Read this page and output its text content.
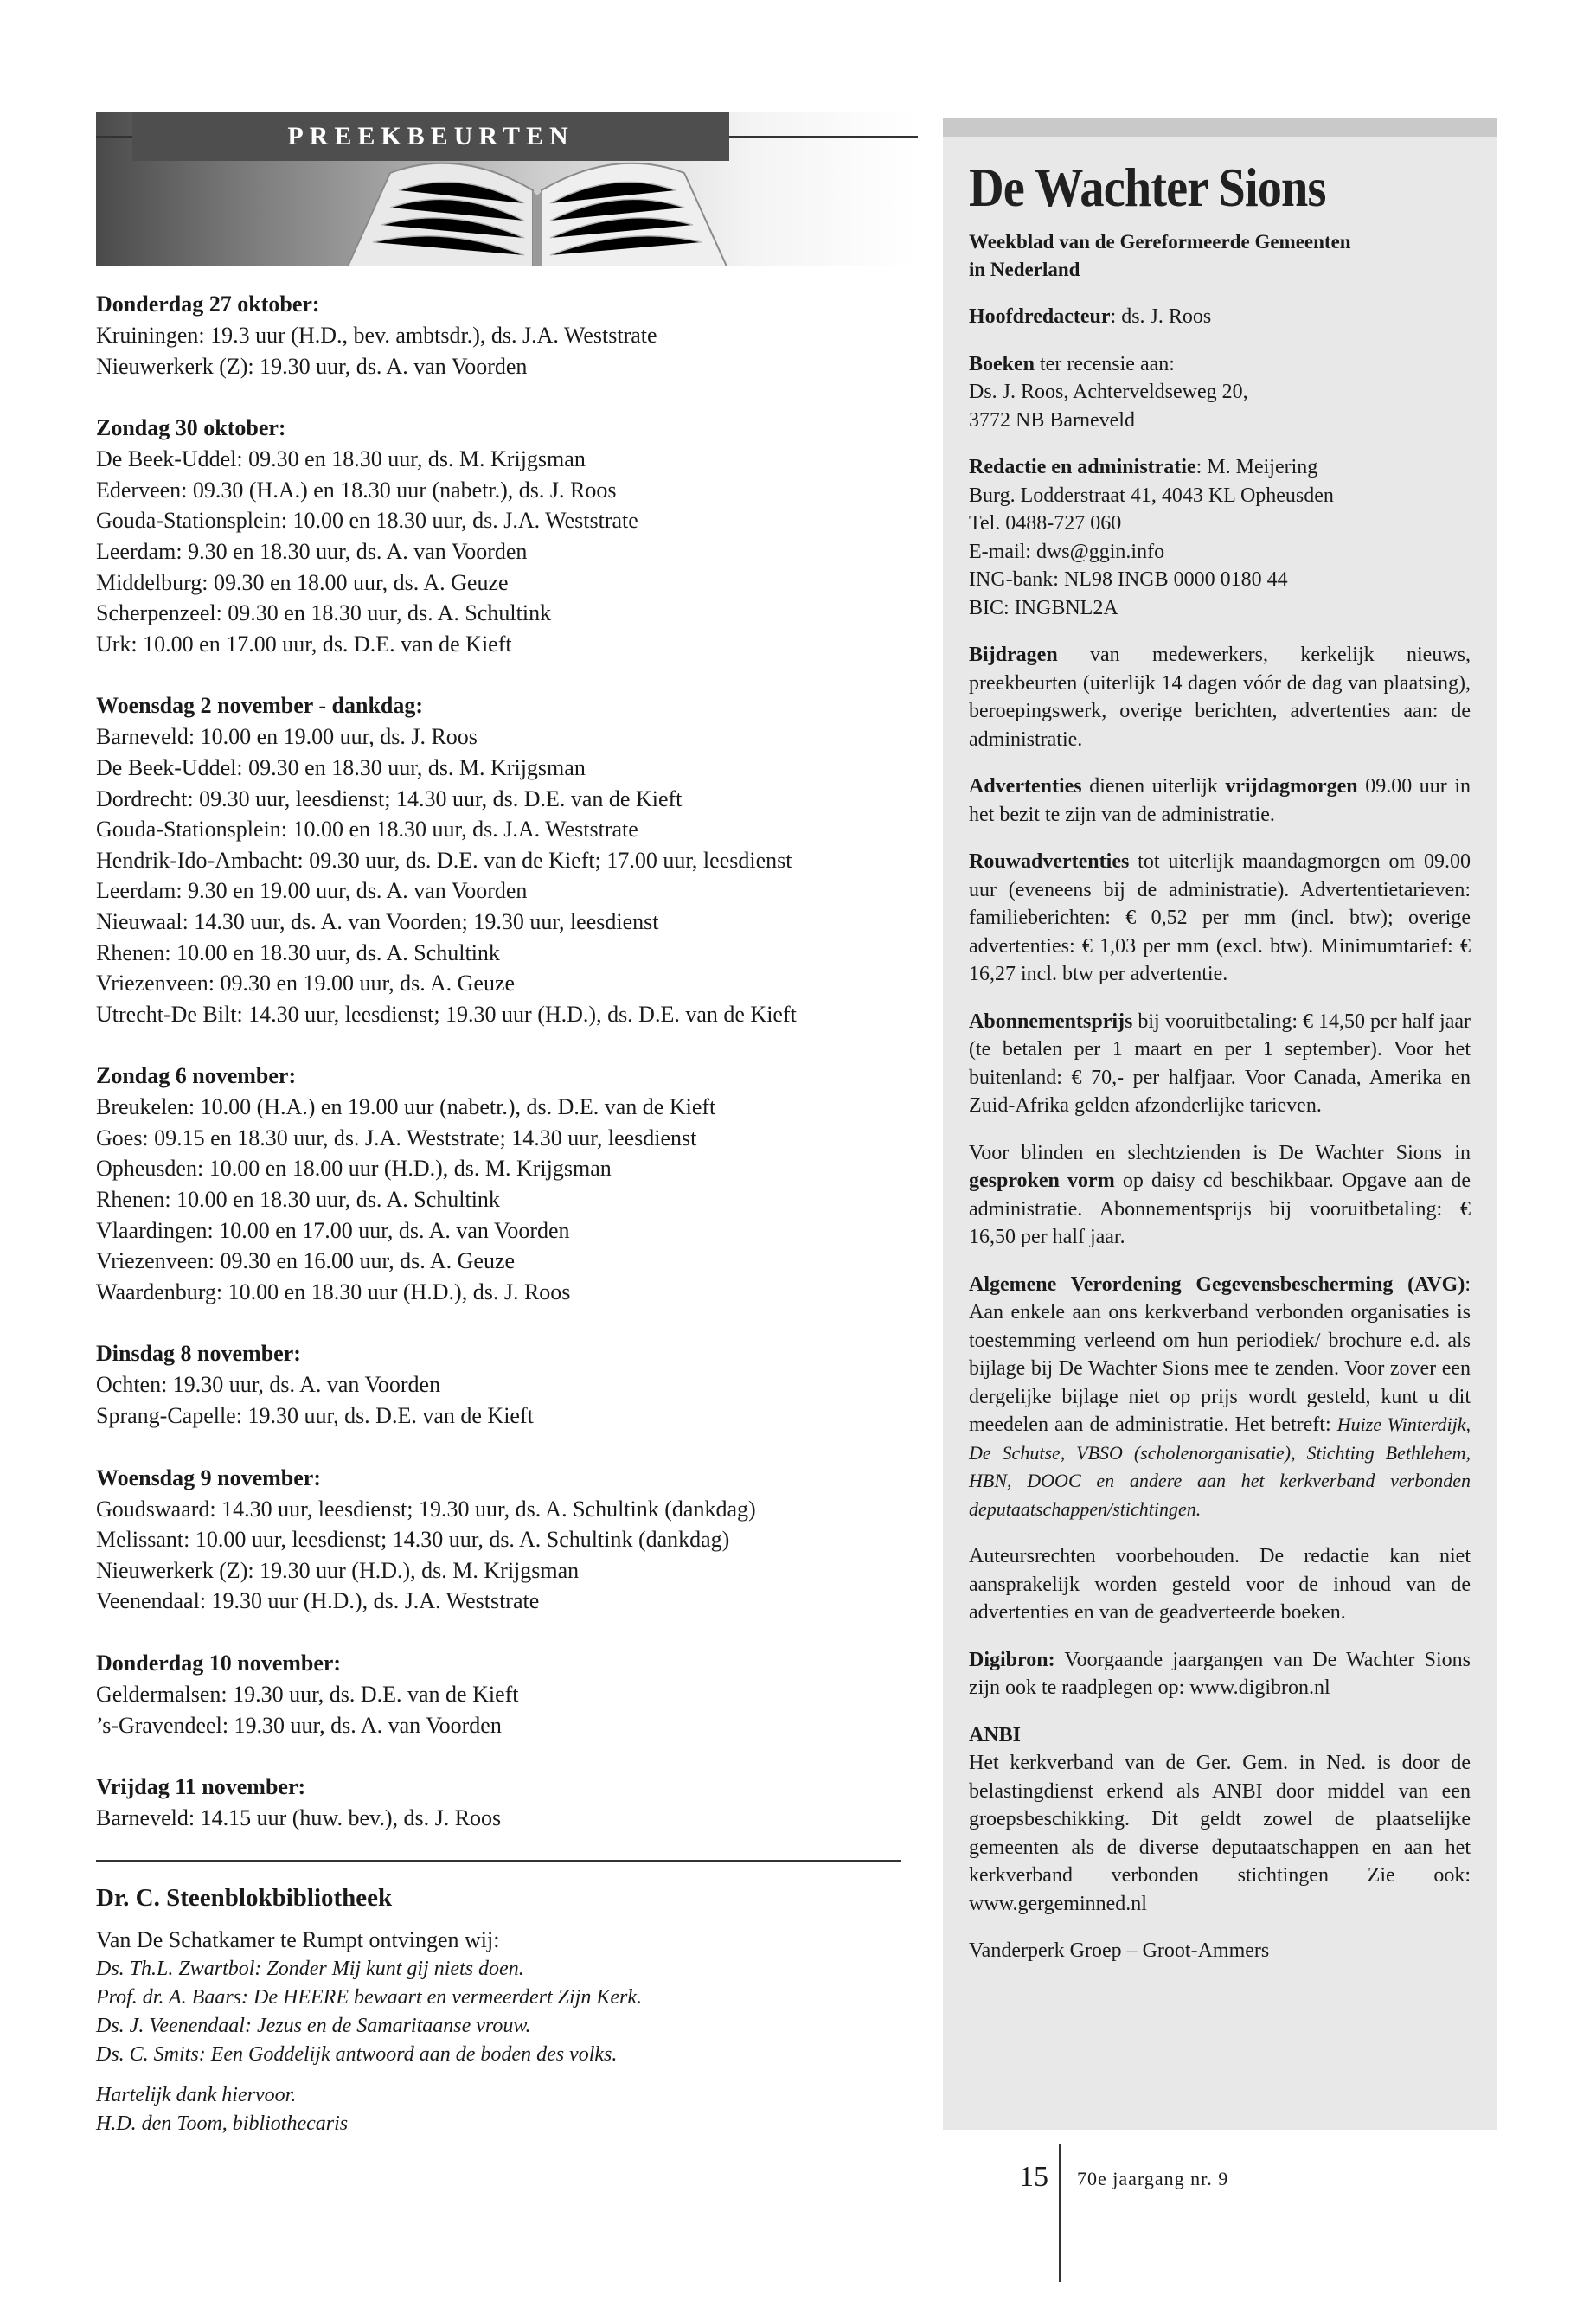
PREEKBEURTEN
Donderdag 27 oktober:
Kruiningen: 19.3 uur (H.D., bev. ambtsdr.), ds. J.A. Weststrate
Nieuwerkerk (Z): 19.30 uur, ds. A. van Voorden
Zondag 30 oktober:
De Beek-Uddel: 09.30 en 18.30 uur, ds. M. Krijgsman
Ederveen: 09.30 (H.A.) en 18.30 uur (nabetr.), ds. J. Roos
Gouda-Stationsplein: 10.00 en 18.30 uur, ds. J.A. Weststrate
Leerdam: 9.30 en 18.30 uur, ds. A. van Voorden
Middelburg: 09.30 en 18.00 uur, ds. A. Geuze
Scherpenzeel: 09.30 en 18.30 uur, ds. A. Schultink
Urk: 10.00 en 17.00 uur, ds. D.E. van de Kieft
Woensdag 2 november - dankdag:
Barneveld: 10.00 en 19.00 uur, ds. J. Roos
De Beek-Uddel: 09.30 en 18.30 uur, ds. M. Krijgsman
Dordrecht: 09.30 uur, leesdienst; 14.30 uur, ds. D.E. van de Kieft
Gouda-Stationsplein: 10.00 en 18.30 uur, ds. J.A. Weststrate
Hendrik-Ido-Ambacht: 09.30 uur, ds. D.E. van de Kieft; 17.00 uur, leesdienst
Leerdam: 9.30 en 19.00 uur, ds. A. van Voorden
Nieuwaal: 14.30 uur, ds. A. van Voorden; 19.30 uur, leesdienst
Rhenen: 10.00 en 18.30 uur, ds. A. Schultink
Vriezenveen: 09.30 en 19.00 uur, ds. A. Geuze
Utrecht-De Bilt: 14.30 uur, leesdienst; 19.30 uur (H.D.), ds. D.E. van de Kieft
Zondag 6 november:
Breukelen: 10.00 (H.A.) en 19.00 uur (nabetr.), ds. D.E. van de Kieft
Goes: 09.15 en 18.30 uur, ds. J.A. Weststrate; 14.30 uur, leesdienst
Opheusden: 10.00 en 18.00 uur (H.D.), ds. M. Krijgsman
Rhenen: 10.00 en 18.30 uur, ds. A. Schultink
Vlaardingen: 10.00 en 17.00 uur, ds. A. van Voorden
Vriezenveen: 09.30 en 16.00 uur, ds. A. Geuze
Waardenburg: 10.00 en 18.30 uur (H.D.), ds. J. Roos
Dinsdag 8 november:
Ochten: 19.30 uur, ds. A. van Voorden
Sprang-Capelle: 19.30 uur, ds. D.E. van de Kieft
Woensdag 9 november:
Goudswaard: 14.30 uur, leesdienst; 19.30 uur, ds. A. Schultink (dankdag)
Melissant: 10.00 uur, leesdienst; 14.30 uur, ds. A. Schultink (dankdag)
Nieuwerkerk (Z): 19.30 uur (H.D.), ds. M. Krijgsman
Veenendaal: 19.30 uur (H.D.), ds. J.A. Weststrate
Donderdag 10 november:
Geldermalsen: 19.30 uur, ds. D.E. van de Kieft
’s-Gravendeel: 19.30 uur, ds. A. van Voorden
Vrijdag 11 november:
Barneveld: 14.15 uur (huw. bev.), ds. J. Roos
Dr. C. Steenblokbibliotheek
Van De Schatkamer te Rumpt ontvingen wij:
Ds. Th.L. Zwartbol: Zonder Mij kunt gij niets doen.
Prof. dr. A. Baars: De HEERE bewaart en vermeerdert Zijn Kerk.
Ds. J. Veenendaal: Jezus en de Samaritaanse vrouw.
Ds. C. Smits: Een Goddelijk antwoord aan de boden des volks.
Hartelijk dank hiervoor.
H.D. den Toom, bibliothecaris
De Wachter Sions
Weekblad van de Gereformeerde Gemeenten
in Nederland
Hoofdredacteur: ds. J. Roos
Boeken ter recensie aan:
Ds. J. Roos, Achterveldseweg 20,
3772 NB Barneveld
Redactie en administratie: M. Meijering
Burg. Lodderstraat 41, 4043 KL Opheusden
Tel. 0488-727 060
E-mail: dws@ggin.info
ING-bank: NL98 INGB 0000 0180 44
BIC: INGBNL2A
Bijdragen van medewerkers, kerkelijk nieuws, preekbeurten (uiterlijk 14 dagen vóór de dag van plaatsing), beroepingswerk, overige berichten, advertenties aan: de administratie.
Advertenties dienen uiterlijk vrijdagmorgen 09.00 uur in het bezit te zijn van de administratie.
Rouwadvertenties tot uiterlijk maandagmorgen om 09.00 uur (eveneens bij de administratie). Advertentietarieven: familieberichten: € 0,52 per mm (incl. btw); overige advertenties: € 1,03 per mm (excl. btw). Minimumtarief: € 16,27 incl. btw per advertentie.
Abonnementsprijs bij vooruitbetaling: € 14,50 per half jaar (te betalen per 1 maart en per 1 september). Voor het buitenland: € 70,- per halfjaar. Voor Canada, Amerika en Zuid-Afrika gelden afzonderlijke tarieven.
Voor blinden en slechtzienden is De Wachter Sions in gesproken vorm op daisy cd beschikbaar. Opgave aan de administratie. Abonnementsprijs bij vooruitbetaling: € 16,50 per half jaar.
Algemene Verordening Gegevensbescherming (AVG): Aan enkele aan ons kerkverband verbonden organisaties is toestemming verleend om hun periodiek/ brochure e.d. als bijlage bij De Wachter Sions mee te zenden. Voor zover een dergelijke bijlage niet op prijs wordt gesteld, kunt u dit meedelen aan de administratie. Het betreft: Huize Winterdijk, De Schutse, VBSO (scholenorganisatie), Stichting Bethlehem, HBN, DOOC en andere aan het kerkverband verbonden deputaatschappen/stichtingen.
Auteursrechten voorbehouden. De redactie kan niet aansprakelijk worden gesteld voor de inhoud van de advertenties en van de geadverteerde boeken.
Digibron: Voorgaande jaargangen van De Wachter Sions zijn ook te raadplegen op: www.digibron.nl
ANBI
Het kerkverband van de Ger. Gem. in Ned. is door de belastingdienst erkend als ANBI door middel van een groepsbeschikking. Dit geldt zowel de plaatselijke gemeenten als de diverse deputaatschappen en aan het kerkverband verbonden stichtingen Zie ook: www.gergeminned.nl
Vanderperk Groep – Groot-Ammers
15 70e jaargang nr. 9
